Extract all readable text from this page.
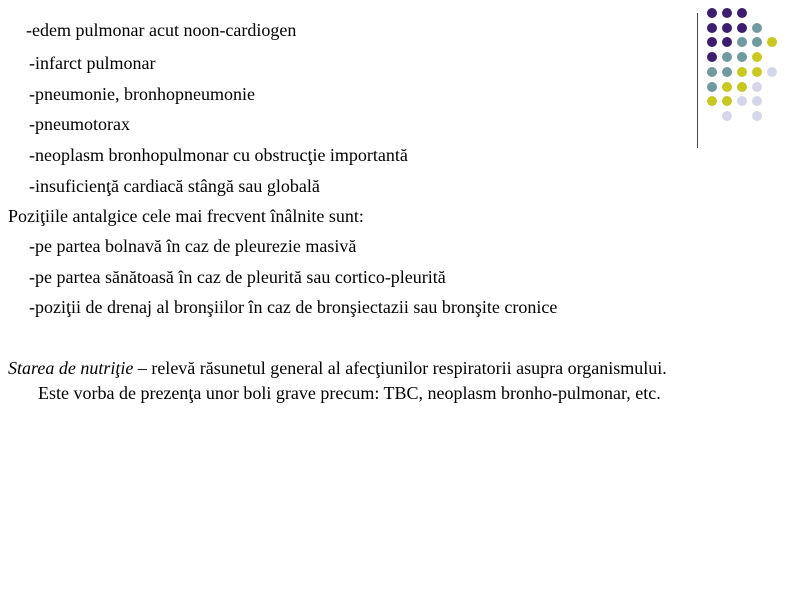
-edem pulmonar acut noon-cardiogen
-infarct pulmonar
-pneumonie, bronhopneumonie
-pneumotorax
-neoplasm bronhopulmonar cu obstrucţie importantă
-insuficienţă cardiacă stângă sau globală
Poziţiile antalgice cele mai frecvent înâlnite sunt:
-pe partea bolnavă în caz de pleurezie masivă
-pe partea sănătoasă în caz de pleurită sau cortico-pleurită
-poziţii de drenaj al bronşiilor în caz de bronşiectazii sau bronşite cronice
Starea de nutriţie – relevă răsunetul general al afecţiunilor respiratorii asupra organismului.
Este vorba de prezenţa unor boli grave precum: TBC, neoplasm bronho-pulmonar, etc.
